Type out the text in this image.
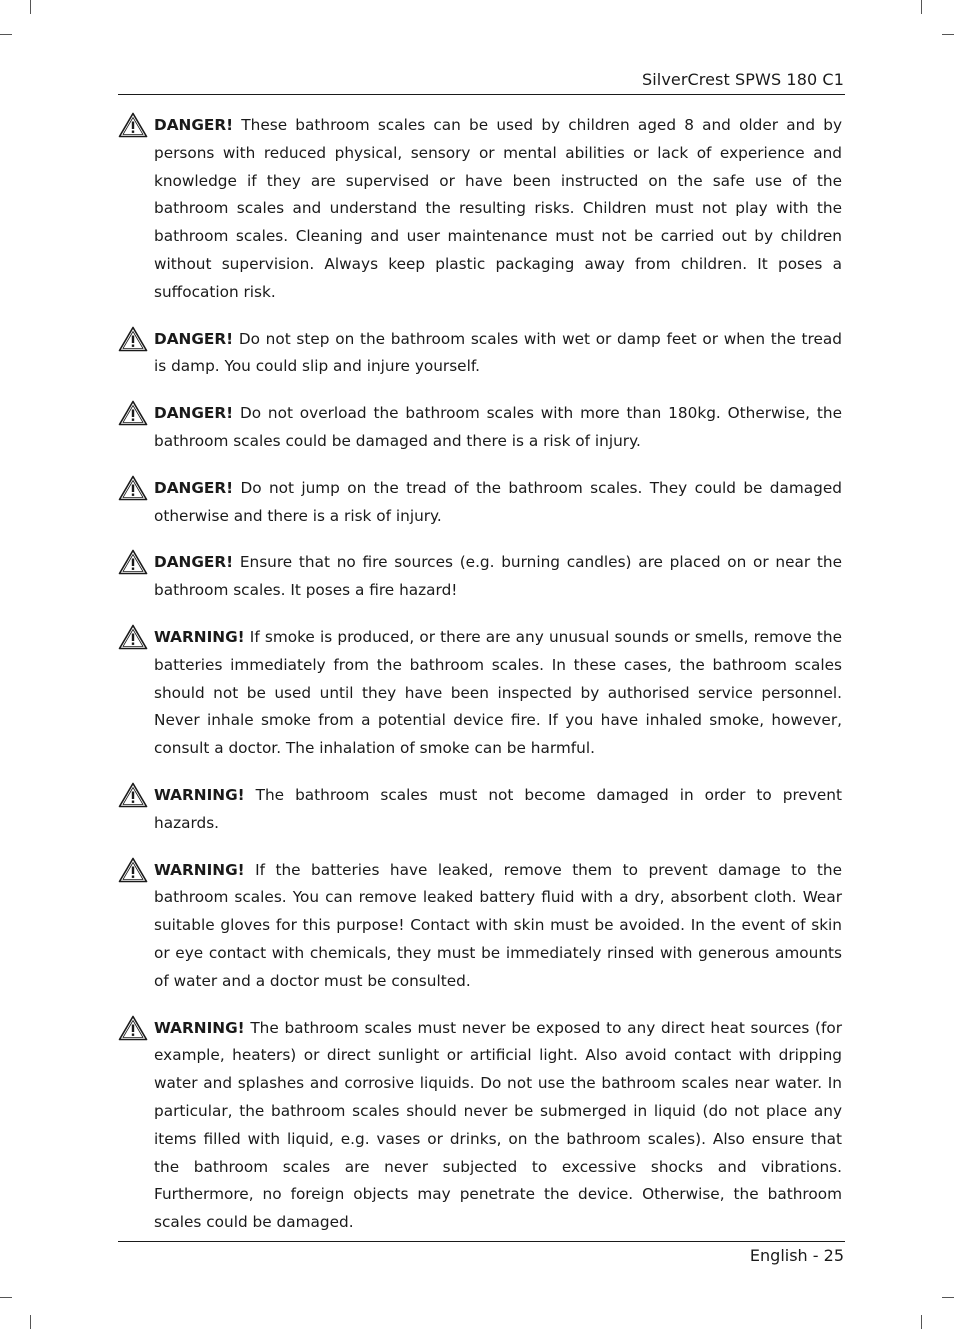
SilverCrest SPWS 180 C1

DANGER! These bathroom scales can be used by children aged 8 and older and by persons with reduced physical, sensory or mental abilities or lack of experience and knowledge if they are supervised or have been instructed on the safe use of the bathroom scales and understand the resulting risks. Children must not play with the bathroom scales. Cleaning and user maintenance must not be carried out by children without supervision. Always keep plastic packaging away from children. It poses a suffocation risk.

DANGER! Do not step on the bathroom scales with wet or damp feet or when the tread is damp. You could slip and injure yourself.

DANGER! Do not overload the bathroom scales with more than 180kg. Otherwise, the bathroom scales could be damaged and there is a risk of injury.

DANGER! Do not jump on the tread of the bathroom scales. They could be damaged otherwise and there is a risk of injury.

DANGER! Ensure that no fire sources (e.g. burning candles) are placed on or near the bathroom scales. It poses a fire hazard!

WARNING! If smoke is produced, or there are any unusual sounds or smells, remove the batteries immediately from the bathroom scales. In these cases, the bathroom scales should not be used until they have been inspected by authorised service personnel. Never inhale smoke from a potential device fire. If you have inhaled smoke, however, consult a doctor. The inhalation of smoke can be harmful.

WARNING! The bathroom scales must not become damaged in order to prevent hazards.

WARNING! If the batteries have leaked, remove them to prevent damage to the bathroom scales. You can remove leaked battery fluid with a dry, absorbent cloth. Wear suitable gloves for this purpose! Contact with skin must be avoided. In the event of skin or eye contact with chemicals, they must be immediately rinsed with generous amounts of water and a doctor must be consulted.

WARNING! The bathroom scales must never be exposed to any direct heat sources (for example, heaters) or direct sunlight or artificial light. Also avoid contact with dripping water and splashes and corrosive liquids. Do not use the bathroom scales near water. In particular, the bathroom scales should never be submerged in liquid (do not place any items filled with liquid, e.g. vases or drinks, on the bathroom scales). Also ensure that the bathroom scales are never subjected to excessive shocks and vibrations. Furthermore, no foreign objects may penetrate the device. Otherwise, the bathroom scales could be damaged.

English - 25
